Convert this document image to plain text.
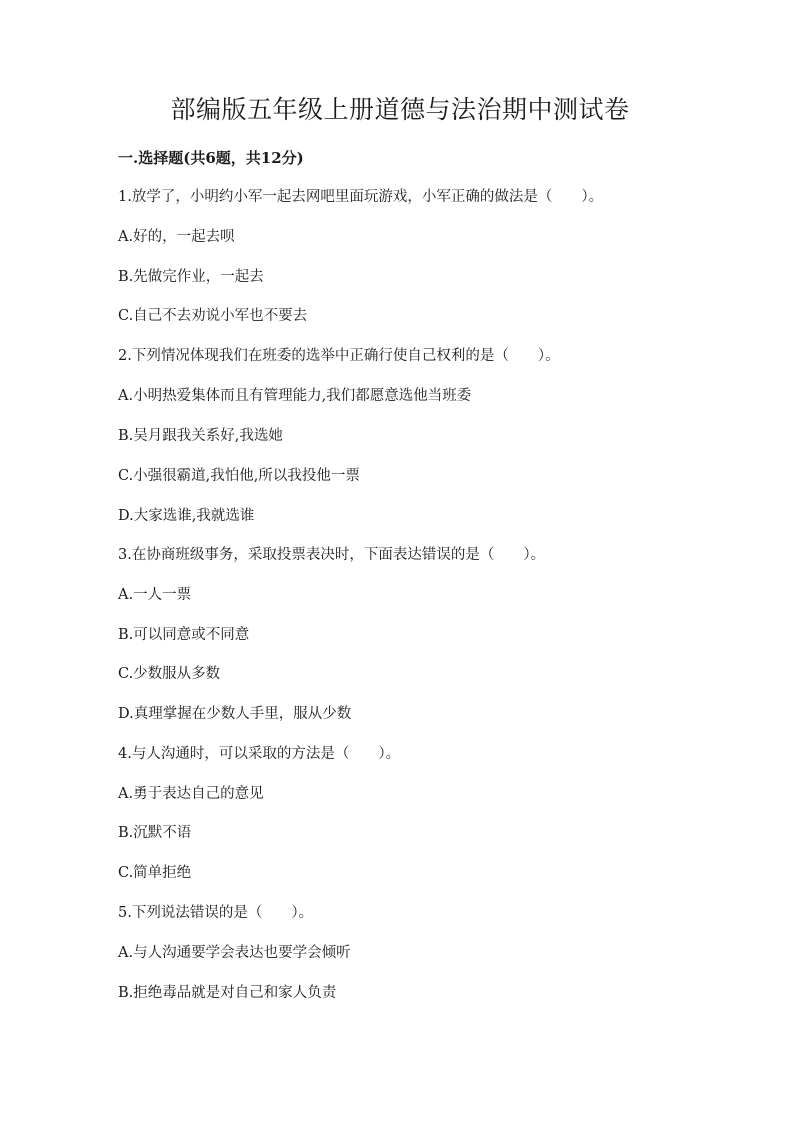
部编版五年级上册道德与法治期中测试卷
一.选择题(共6题，共12分)
1.放学了，小明约小军一起去网吧里面玩游戏，小军正确的做法是（　　）。
A.好的，一起去呗
B.先做完作业，一起去
C.自己不去劝说小军也不要去
2.下列情况体现我们在班委的选举中正确行使自己权利的是（　　）。
A.小明热爱集体而且有管理能力,我们都愿意选他当班委
B.吴月跟我关系好,我选她
C.小强很霸道,我怕他,所以我投他一票
D.大家选谁,我就选谁
3.在协商班级事务，采取投票表决时，下面表达错误的是（　　）。
A.一人一票
B.可以同意或不同意
C.少数服从多数
D.真理掌握在少数人手里，服从少数
4.与人沟通时，可以采取的方法是（　　）。
A.勇于表达自己的意见
B.沉默不语
C.简单拒绝
5.下列说法错误的是（　　）。
A.与人沟通要学会表达也要学会倾听
B.拒绝毒品就是对自己和家人负责
